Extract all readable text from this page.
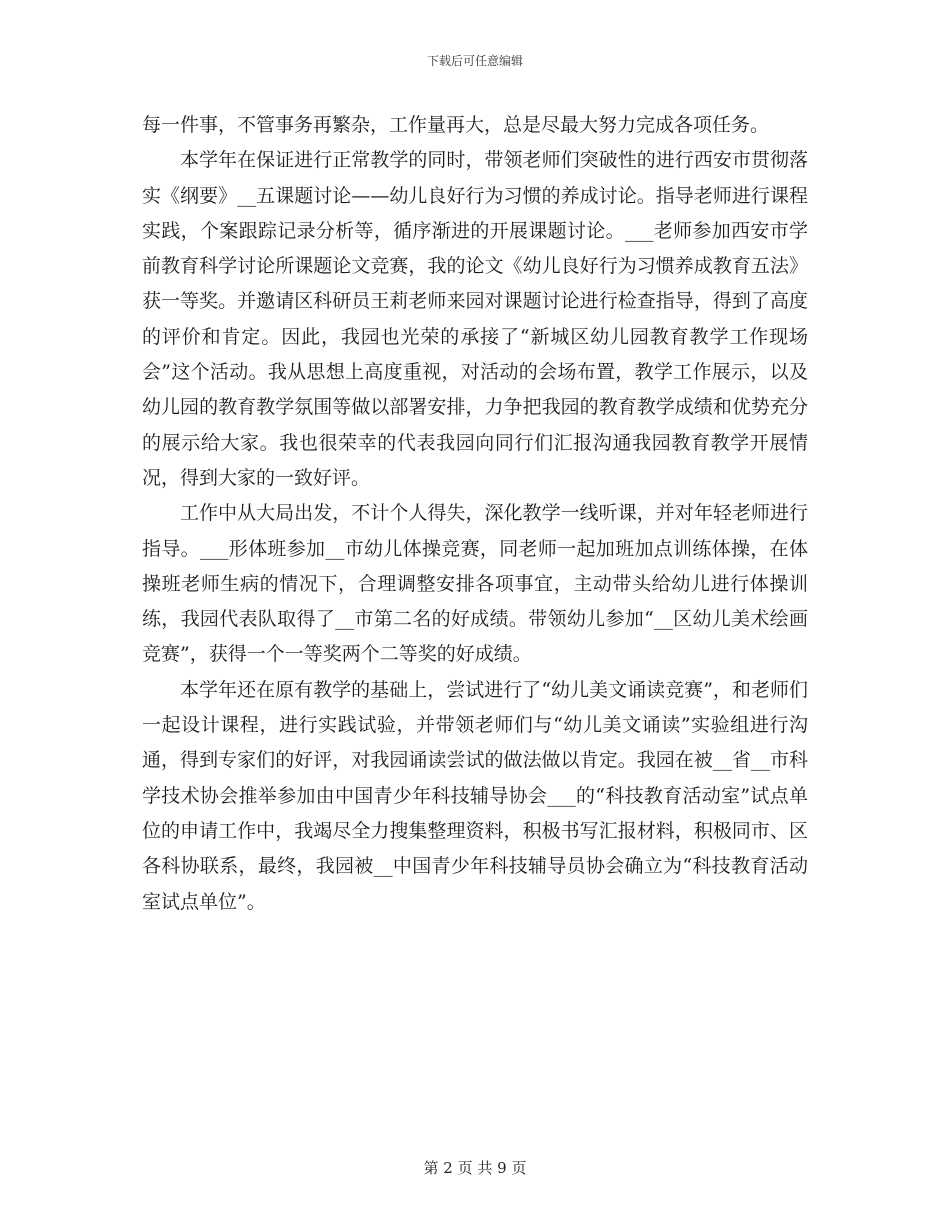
下载后可任意编辑

每一件事，不管事务再繁杂，工作量再大，总是尽最大努力完成各项任务。

本学年在保证进行正常教学的同时，带领老师们突破性的进行西安市贯彻落实《纲要》__五课题讨论——幼儿良好行为习惯的养成讨论。指导老师进行课程实践，个案跟踪记录分析等，循序渐进的开展课题讨论。___老师参加西安市学前教育科学讨论所课题论文竞赛，我的论文《幼儿良好行为习惯养成教育五法》获一等奖。并邀请区科研员王莉老师来园对课题讨论进行检查指导，得到了高度的评价和肯定。因此，我园也光荣的承接了“新城区幼儿园教育教学工作现场会”这个活动。我从思想上高度重视，对活动的会场布置，教学工作展示，以及幼儿园的教育教学氛围等做以部署安排，力争把我园的教育教学成绩和优势充分的展示给大家。我也很荣幸的代表我园向同行们汇报沟通我园教育教学开展情况，得到大家的一致好评。

工作中从大局出发，不计个人得失，深化教学一线听课，并对年轻老师进行指导。___形体班参加__市幼儿体操竞赛，同老师一起加班加点训练体操，在体操班老师生病的情况下，合理调整安排各项事宜，主动带头给幼儿进行体操训练，我园代表队取得了__市第二名的好成绩。带领幼儿参加“__区幼儿美术绘画竞赛”，获得一个一等奖两个二等奖的好成绩。

本学年还在原有教学的基础上，尝试进行了“幼儿美文诵读竞赛”，和老师们一起设计课程，进行实践试验，并带领老师们与“幼儿美文诵读”实验组进行沟通，得到专家们的好评，对我园诵读尝试的做法做以肯定。我园在被__省__市科学技术协会推举参加由中国青少年科技辅导协会___的“科技教育活动室”试点单位的申请工作中，我竭尽全力搜集整理资料，积极书写汇报材料，积极同市、区各科协联系，最终，我园被__中国青少年科技辅导员协会确立为“科技教育活动室试点单位”。

第 2 页 共 9 页
